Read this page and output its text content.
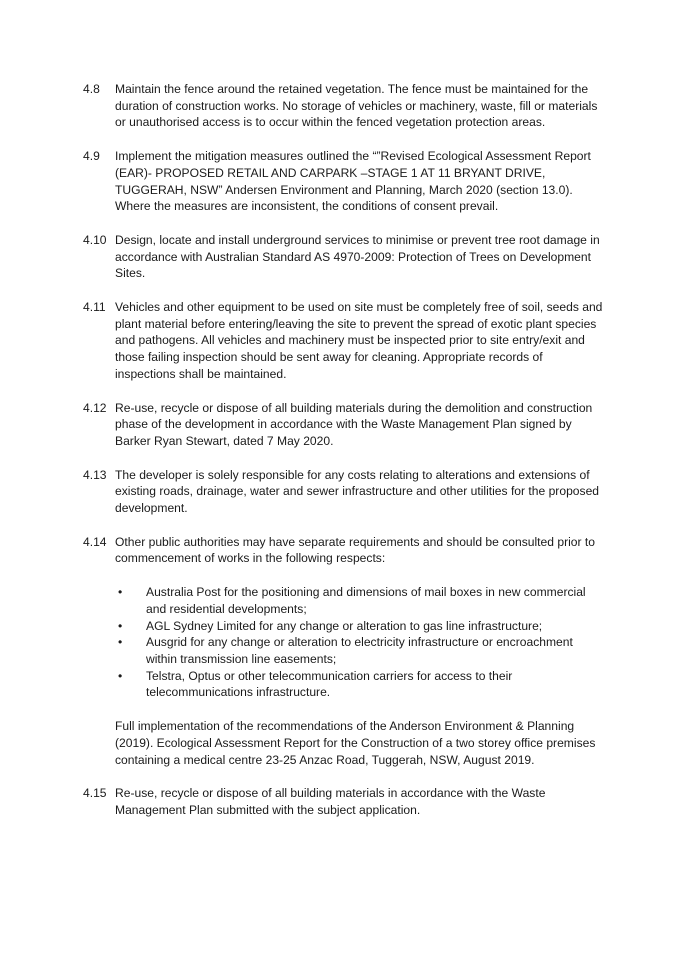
4.8	Maintain the fence around the retained vegetation. The fence must be maintained for the duration of construction works. No storage of vehicles or machinery, waste, fill or materials or unauthorised access is to occur within the fenced vegetation protection areas.

4.9	Implement the mitigation measures outlined the “”Revised Ecological Assessment Report (EAR)- PROPOSED RETAIL AND CARPARK –STAGE 1 AT 11 BRYANT DRIVE, TUGGERAH, NSW” Andersen Environment and Planning, March 2020 (section 13.0). Where the measures are inconsistent, the conditions of consent prevail.

4.10 Design, locate and install underground services to minimise or prevent tree root damage in accordance with Australian Standard AS 4970-2009: Protection of Trees on Development Sites.

4.11 Vehicles and other equipment to be used on site must be completely free of soil, seeds and plant material before entering/leaving the site to prevent the spread of exotic plant species and pathogens. All vehicles and machinery must be inspected prior to site entry/exit and those failing inspection should be sent away for cleaning. Appropriate records of inspections shall be maintained.

4.12 Re-use, recycle or dispose of all building materials during the demolition and construction phase of the development in accordance with the Waste Management Plan signed by Barker Ryan Stewart, dated 7 May 2020.

4.13 The developer is solely responsible for any costs relating to alterations and extensions of existing roads, drainage, water and sewer infrastructure and other utilities for the proposed development.

4.14 Other public authorities may have separate requirements and should be consulted prior to commencement of works in the following respects:

•	Australia Post for the positioning and dimensions of mail boxes in new commercial and residential developments;
•	AGL Sydney Limited for any change or alteration to gas line infrastructure;
•	Ausgrid for any change or alteration to electricity infrastructure or encroachment within transmission line easements;
•	Telstra, Optus or other telecommunication carriers for access to their telecommunications infrastructure.

Full implementation of the recommendations of the Anderson Environment & Planning (2019). Ecological Assessment Report for the Construction of a two storey office premises containing a medical centre 23-25 Anzac Road, Tuggerah, NSW, August 2019.

4.15 Re-use, recycle or dispose of all building materials in accordance with the Waste Management Plan submitted with the subject application.
